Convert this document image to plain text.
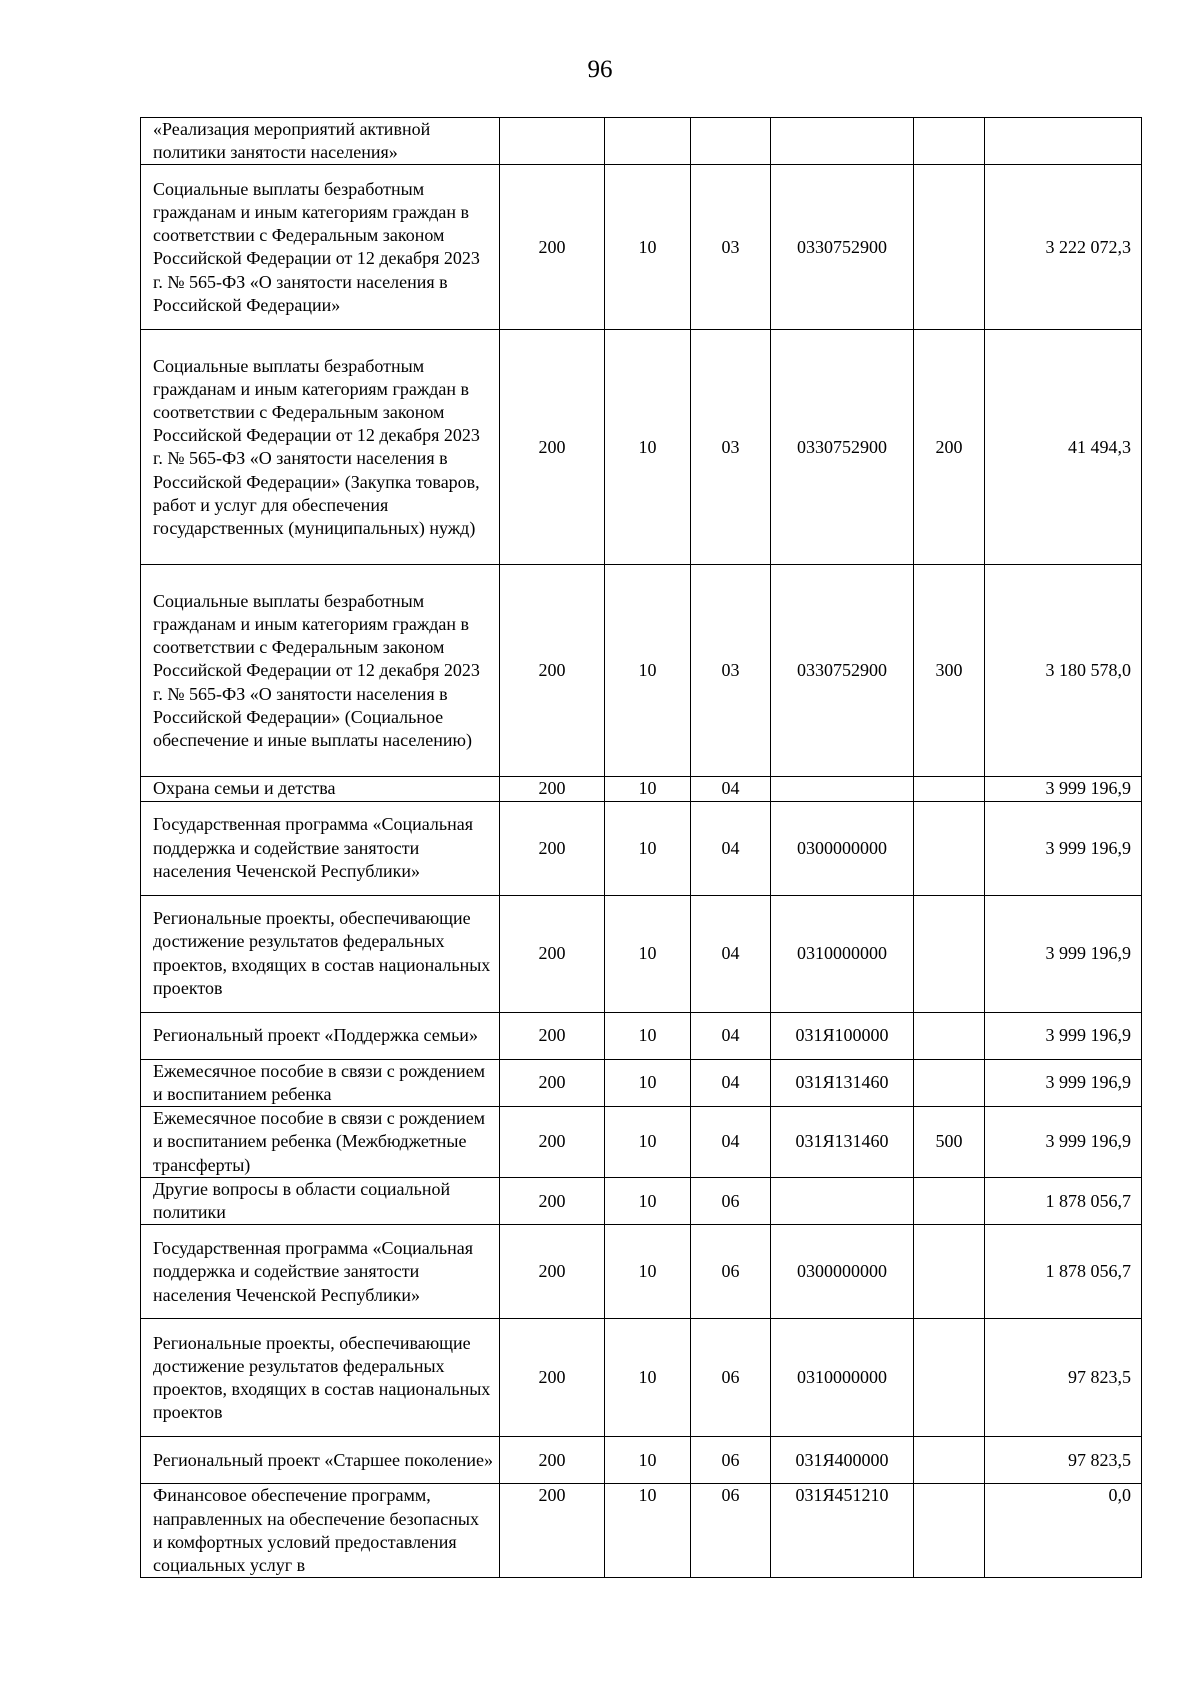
96
«Реализация мероприятий активной политики занятости населения»						
Социальные выплаты безработным гражданам и иным категориям граждан в соответствии с Федеральным законом Российской Федерации от 12 декабря 2023 г. № 565-ФЗ «О занятости населения в Российской Федерации»	200	10	03	0330752900		3 222 072,3
Социальные выплаты безработным гражданам и иным категориям граждан в соответствии с Федеральным законом Российской Федерации от 12 декабря 2023 г. № 565-ФЗ «О занятости населения в Российской Федерации» (Закупка товаров, работ и услуг для обеспечения государственных (муниципальных) нужд)	200	10	03	0330752900	200	41 494,3
Социальные выплаты безработным гражданам и иным категориям граждан в соответствии с Федеральным законом Российской Федерации от 12 декабря 2023 г. № 565-ФЗ «О занятости населения в Российской Федерации» (Социальное обеспечение и иные выплаты населению)	200	10	03	0330752900	300	3 180 578,0
Охрана семьи и детства	200	10	04			3 999 196,9
Государственная программа «Социальная поддержка и содействие занятости населения Чеченской Республики»	200	10	04	0300000000		3 999 196,9
Региональные проекты, обеспечивающие достижение результатов федеральных проектов, входящих в состав национальных проектов	200	10	04	0310000000		3 999 196,9
Региональный проект «Поддержка семьи»	200	10	04	031Я100000		3 999 196,9
Ежемесячное пособие в связи с рождением и воспитанием ребенка	200	10	04	031Я131460		3 999 196,9
Ежемесячное пособие в связи с рождением и воспитанием ребенка (Межбюджетные трансферты)	200	10	04	031Я131460	500	3 999 196,9
Другие вопросы в области социальной политики	200	10	06			1 878 056,7
Государственная программа «Социальная поддержка и содействие занятости населения Чеченской Республики»	200	10	06	0300000000		1 878 056,7
Региональные проекты, обеспечивающие достижение результатов федеральных проектов, входящих в состав национальных проектов	200	10	06	0310000000		97 823,5
Региональный проект «Старшее поколение»	200	10	06	031Я400000		97 823,5
Финансовое обеспечение программ, направленных на обеспечение безопасных и комфортных условий предоставления социальных услуг в	200	10	06	031Я451210		0,0
